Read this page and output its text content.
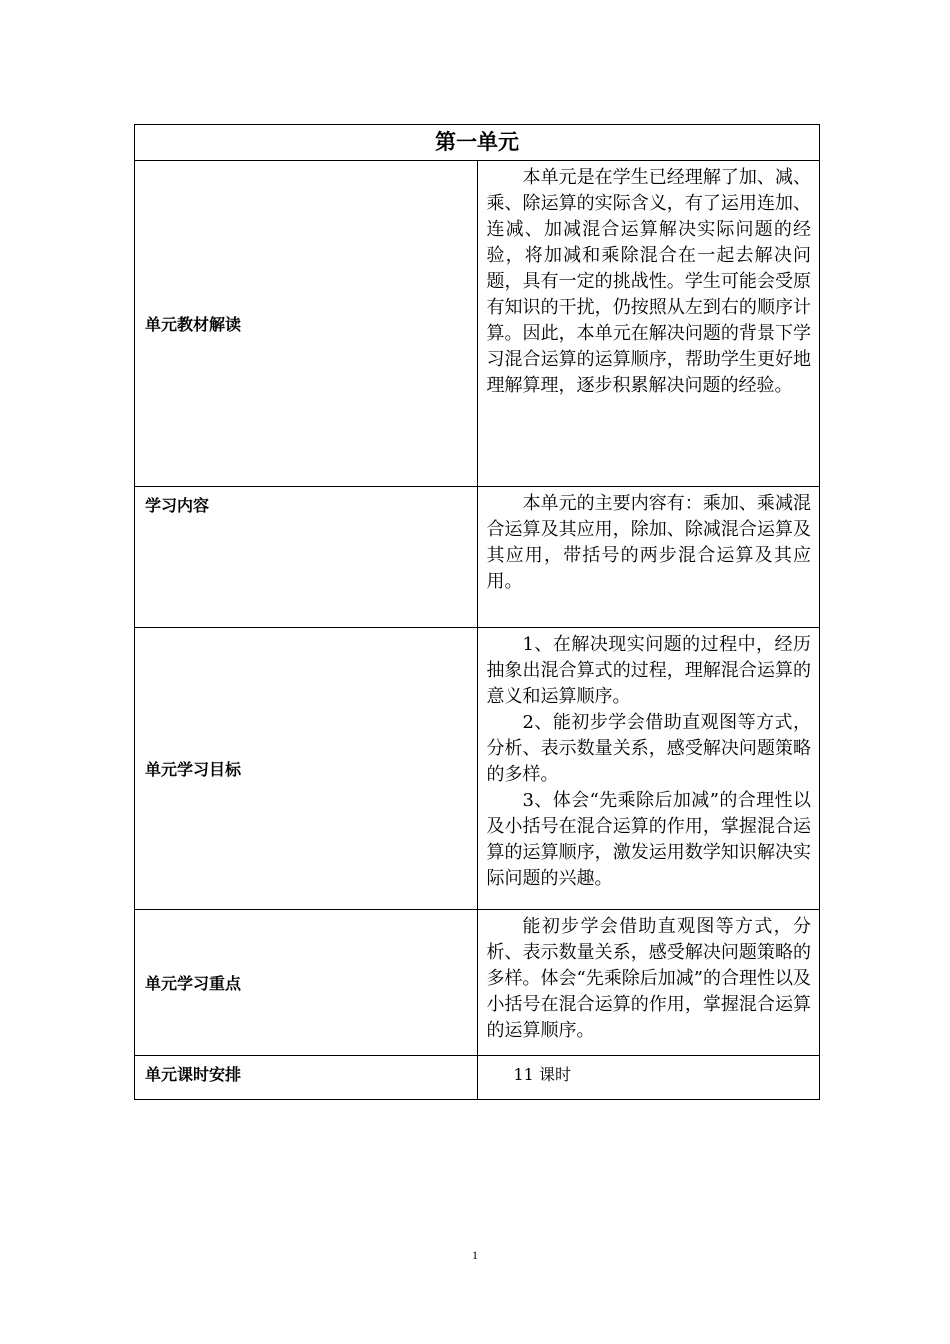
第一单元	
单元教材解读	本单元是在学生已经理解了加、减、乘、除运算的实际含义，有了运用连加、连减、加减混合运算解决实际问题的经验，将加减和乘除混合在一起去解决问题，具有一定的挑战性。学生可能会受原有知识的干扰，仍按照从左到右的顺序计算。因此，本单元在解决问题的背景下学习混合运算的运算顺序，帮助学生更好地理解算理，逐步积累解决问题的经验。

学习内容	本单元的主要内容有：乘加、乘减混合运算及其应用，除加、除减混合运算及其应用，带括号的两步混合运算及其应用。

单元学习目标	1、在解决现实问题的过程中，经历抽象出混合算式的过程，理解混合运算的意义和运算顺序。

2、能初步学会借助直观图等方式，分析、表示数量关系，感受解决问题策略的多样。

3、体会“先乘除后加减”的合理性以及小括号在混合运算的作用，掌握混合运算的运算顺序，激发运用数学知识解决实际问题的兴趣。

单元学习重点	能初步学会借助直观图等方式，分析、表示数量关系，感受解决问题策略的多样。体会“先乘除后加减”的合理性以及小括号在混合运算的作用，掌握混合运算的运算顺序。

单元课时安排	11 课时
1
